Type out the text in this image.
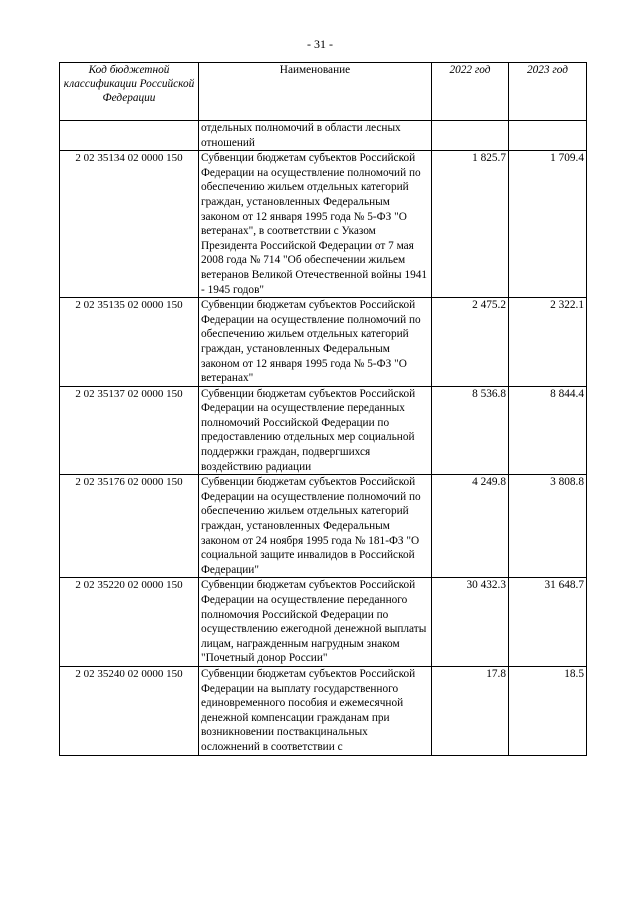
- 31 -
Код бюджетной классификации Российской Федерации	Наименование	2022 год	2023 год
	отдельных полномочий в области лесных отношений		
2 02 35134 02 0000 150	Субвенции бюджетам субъектов Российской Федерации на осуществление полномочий по обеспечению жильем отдельных категорий граждан, установленных Федеральным законом от 12 января 1995 года № 5-ФЗ "О ветеранах", в соответствии с Указом Президента Российской Федерации от 7 мая 2008 года № 714 "Об обеспечении жильем ветеранов Великой Отечественной войны 1941 - 1945 годов"	1 825.7	1 709.4
2 02 35135 02 0000 150	Субвенции бюджетам субъектов Российской Федерации на осуществление полномочий по обеспечению жильем отдельных категорий граждан, установленных Федеральным законом от 12 января 1995 года № 5-ФЗ "О ветеранах"	2 475.2	2 322.1
2 02 35137 02 0000 150	Субвенции бюджетам субъектов Российской Федерации на осуществление переданных полномочий Российской Федерации по предоставлению отдельных мер социальной поддержки граждан, подвергшихся воздействию радиации	8 536.8	8 844.4
2 02 35176 02 0000 150	Субвенции бюджетам субъектов Российской Федерации на осуществление полномочий по обеспечению жильем отдельных категорий граждан, установленных Федеральным законом от 24 ноября 1995 года № 181-ФЗ "О социальной защите инвалидов в Российской Федерации"	4 249.8	3 808.8
2 02 35220 02 0000 150	Субвенции бюджетам субъектов Российской Федерации на осуществление переданного полномочия Российской Федерации по осуществлению ежегодной денежной выплаты лицам, награжденным нагрудным знаком "Почетный донор России"	30 432.3	31 648.7
2 02 35240 02 0000 150	Субвенции бюджетам субъектов Российской Федерации на выплату государственного единовременного пособия и ежемесячной денежной компенсации гражданам при возникновении поствакцинальных осложнений в соответствии с	17.8	18.5
